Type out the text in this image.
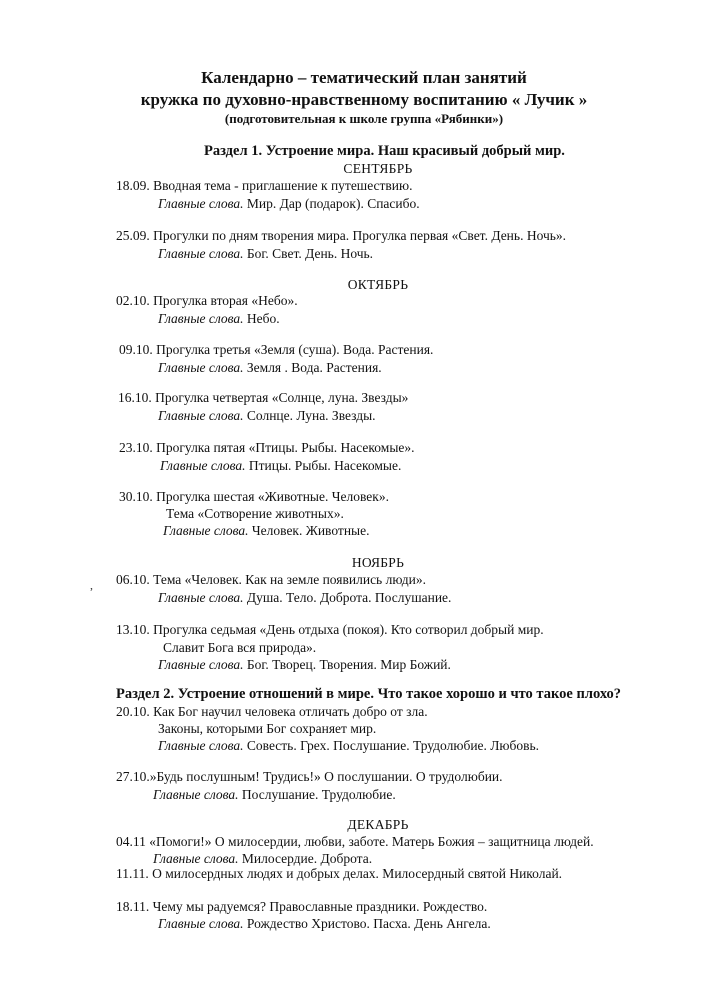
Календарно – тематический план занятий
кружка по духовно-нравственному воспитанию « Лучик »
(подготовительная к школе группа «Рябинки»)
Раздел 1. Устроение мира. Наш красивый добрый мир.
СЕНТЯБРЬ
18.09. Вводная тема - приглашение к путешествию.
Главные слова. Мир. Дар (подарок). Спасибо.
25.09. Прогулки по дням творения мира. Прогулка первая «Свет. День. Ночь».
Главные слова. Бог. Свет. День. Ночь.
ОКТЯБРЬ
02.10. Прогулка вторая «Небо».
Главные слова. Небо.
09.10. Прогулка третья «Земля (суша). Вода. Растения.
Главные слова. Земля . Вода. Растения.
16.10. Прогулка четвертая «Солнце, луна. Звезды»
Главные слова. Солнце. Луна. Звезды.
23.10. Прогулка пятая «Птицы. Рыбы. Насекомые».
Главные слова. Птицы. Рыбы. Насекомые.
30.10. Прогулка шестая «Животные. Человек».
Тема «Сотворение животных».
Главные слова. Человек. Животные.
НОЯБРЬ
06.10. Тема «Человек. Как на земле появились люди».
Главные слова. Душа. Тело. Доброта. Послушание.
13.10. Прогулка седьмая «День отдыха (покоя). Кто сотворил добрый мир.
Славит Бога вся природа».
Главные слова. Бог. Творец. Творения. Мир Божий.
Раздел 2. Устроение отношений в мире. Что такое хорошо и что такое плохо?
20.10. Как Бог научил человека отличать добро от зла.
Законы, которыми Бог сохраняет мир.
Главные слова. Совесть. Грех. Послушание. Трудолюбие. Любовь.
27.10.»Будь послушным! Трудись!» О послушании. О трудолюбии.
Главные слова. Послушание. Трудолюбие.
ДЕКАБРЬ
04.11 «Помоги!» О милосердии, любви, заботе. Матерь Божия – защитница людей.
Главные слова. Милосердие. Доброта.
11.11. О милосердных людях и добрых делах. Милосердный святой Николай.
18.11. Чему мы радуемся? Православные праздники. Рождество.
Главные слова. Рождество Христово. Пасха. День Ангела.
,
